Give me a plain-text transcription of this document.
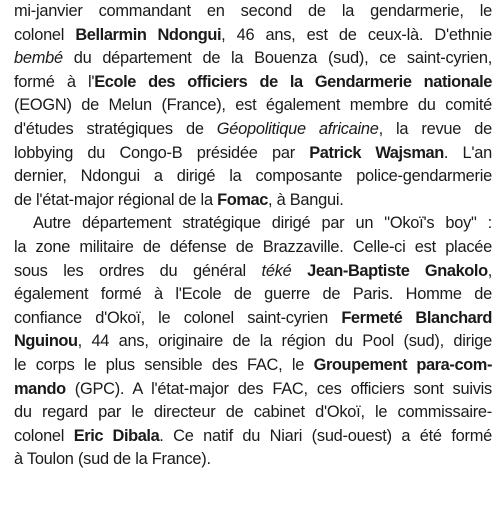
mi-janvier commandant en second de la gendarmerie, le
colonel Bellarmin Ndongui, 46 ans, est de ceux-là. D'ethnie
bembé du département de la Bouenza (sud), ce saint-cyrien,
formé à l'Ecole des officiers de la Gendarmerie nationale
(EOGN) de Melun (France), est également membre du comité
d'études stratégiques de Géopolitique africaine, la revue de
lobbying du Congo-B présidée par Patrick Wajsman. L'an
dernier, Ndongui a dirigé la composante police-gendarmerie
de l'état-major régional de la Fomac, à Bangui.
Autre département stratégique dirigé par un "Okoï's boy" :
la zone militaire de défense de Brazzaville. Celle-ci est placée
sous les ordres du général téké Jean-Baptiste Gnakolo,
également formé à l'Ecole de guerre de Paris. Homme de
confiance d'Okoï, le colonel saint-cyrien Fermeté Blanchard
Nguinou, 44 ans, originaire de la région du Pool (sud), dirige
le corps le plus sensible des FAC, le Groupement para-com-
mando (GPC). A l'état-major des FAC, ces officiers sont suivis
du regard par le directeur de cabinet d'Okoï, le commissaire-
colonel Eric Dibala. Ce natif du Niari (sud-ouest) a été formé
à Toulon (sud de la France).
